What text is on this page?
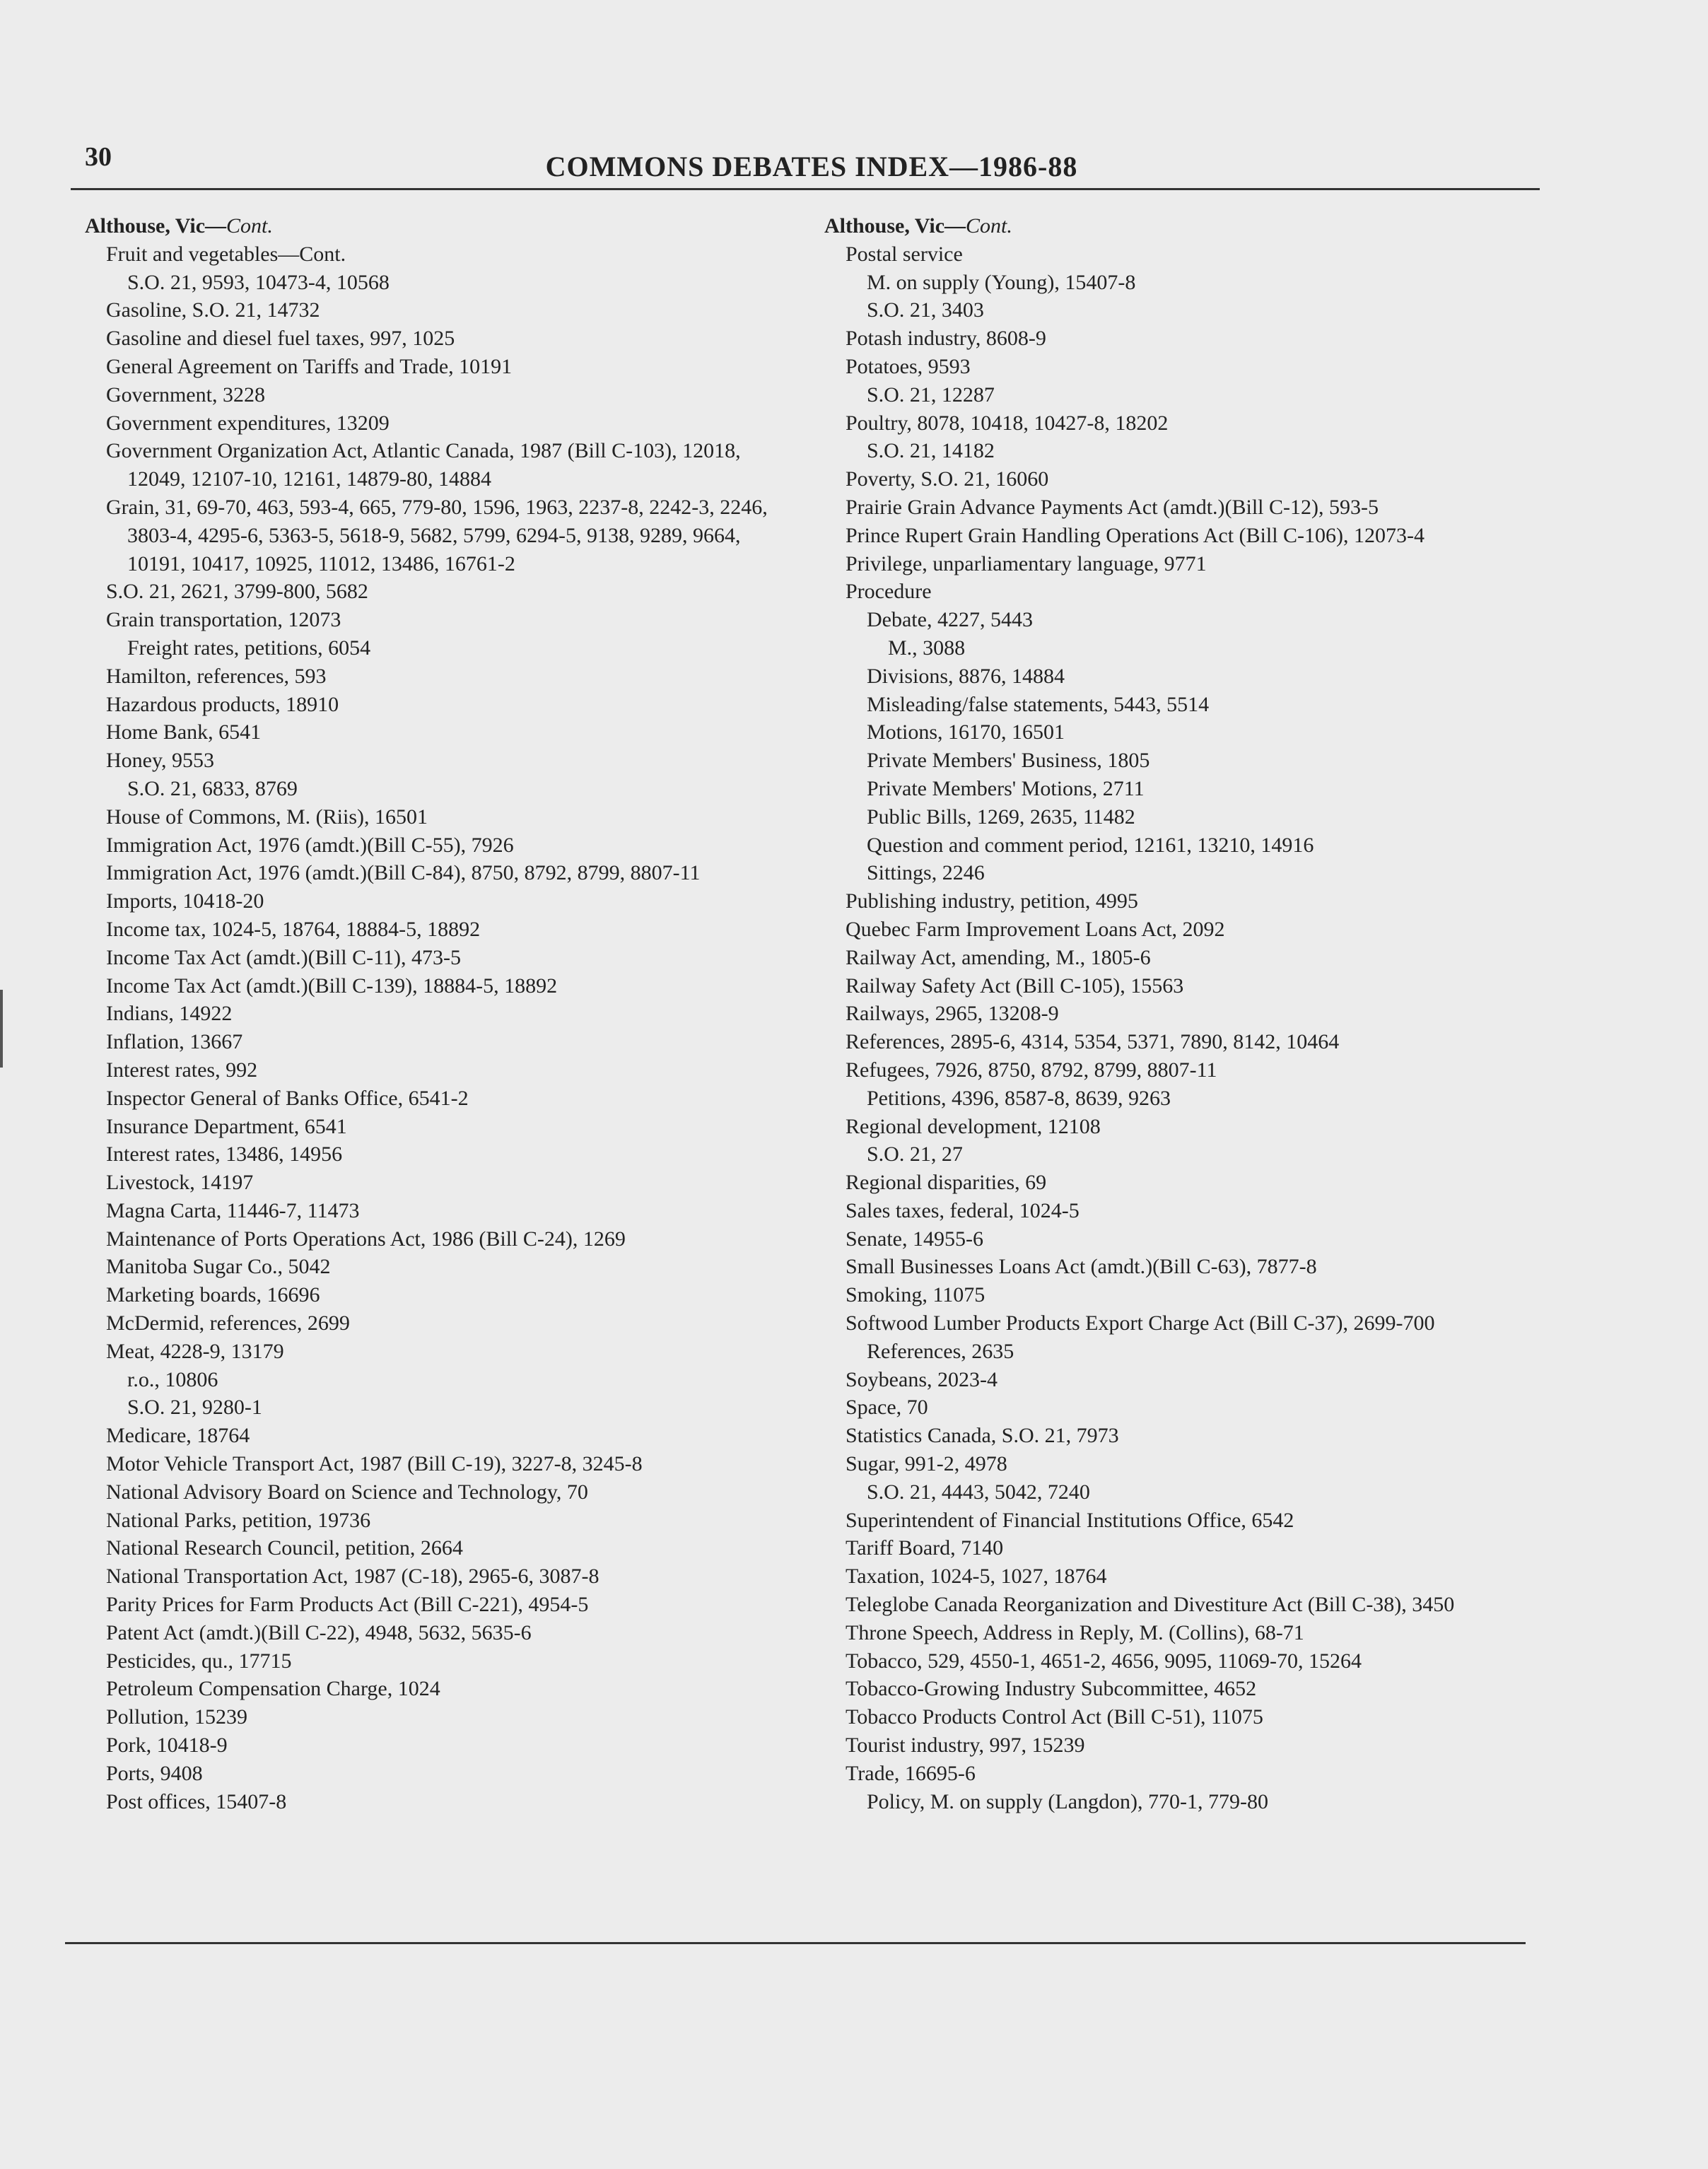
30	COMMONS DEBATES INDEX—1986-88
Althouse, Vic—Cont.
Fruit and vegetables—Cont.
S.O. 21, 9593, 10473-4, 10568
Gasoline, S.O. 21, 14732
Gasoline and diesel fuel taxes, 997, 1025
General Agreement on Tariffs and Trade, 10191
Government, 3228
Government expenditures, 13209
Government Organization Act, Atlantic Canada, 1987 (Bill C-103), 12018, 12049, 12107-10, 12161, 14879-80, 14884
Grain, 31, 69-70, 463, 593-4, 665, 779-80, 1596, 1963, 2237-8, 2242-3, 2246, 3803-4, 4295-6, 5363-5, 5618-9, 5682, 5799, 6294-5, 9138, 9289, 9664, 10191, 10417, 10925, 11012, 13486, 16761-2
S.O. 21, 2621, 3799-800, 5682
Grain transportation, 12073
Freight rates, petitions, 6054
Hamilton, references, 593
Hazardous products, 18910
Home Bank, 6541
Honey, 9553
S.O. 21, 6833, 8769
House of Commons, M. (Riis), 16501
Immigration Act, 1976 (amdt.)(Bill C-55), 7926
Immigration Act, 1976 (amdt.)(Bill C-84), 8750, 8792, 8799, 8807-11
Imports, 10418-20
Income tax, 1024-5, 18764, 18884-5, 18892
Income Tax Act (amdt.)(Bill C-11), 473-5
Income Tax Act (amdt.)(Bill C-139), 18884-5, 18892
Indians, 14922
Inflation, 13667
Interest rates, 992
Inspector General of Banks Office, 6541-2
Insurance Department, 6541
Interest rates, 13486, 14956
Livestock, 14197
Magna Carta, 11446-7, 11473
Maintenance of Ports Operations Act, 1986 (Bill C-24), 1269
Manitoba Sugar Co., 5042
Marketing boards, 16696
McDermid, references, 2699
Meat, 4228-9, 13179
r.o., 10806
S.O. 21, 9280-1
Medicare, 18764
Motor Vehicle Transport Act, 1987 (Bill C-19), 3227-8, 3245-8
National Advisory Board on Science and Technology, 70
National Parks, petition, 19736
National Research Council, petition, 2664
National Transportation Act, 1987 (C-18), 2965-6, 3087-8
Parity Prices for Farm Products Act (Bill C-221), 4954-5
Patent Act (amdt.)(Bill C-22), 4948, 5632, 5635-6
Pesticides, qu., 17715
Petroleum Compensation Charge, 1024
Pollution, 15239
Pork, 10418-9
Ports, 9408
Post offices, 15407-8
Althouse, Vic—Cont.
Postal service
M. on supply (Young), 15407-8
S.O. 21, 3403
Potash industry, 8608-9
Potatoes, 9593
S.O. 21, 12287
Poultry, 8078, 10418, 10427-8, 18202
S.O. 21, 14182
Poverty, S.O. 21, 16060
Prairie Grain Advance Payments Act (amdt.)(Bill C-12), 593-5
Prince Rupert Grain Handling Operations Act (Bill C-106), 12073-4
Privilege, unparliamentary language, 9771
Procedure
Debate, 4227, 5443
M., 3088
Divisions, 8876, 14884
Misleading/false statements, 5443, 5514
Motions, 16170, 16501
Private Members' Business, 1805
Private Members' Motions, 2711
Public Bills, 1269, 2635, 11482
Question and comment period, 12161, 13210, 14916
Sittings, 2246
Publishing industry, petition, 4995
Quebec Farm Improvement Loans Act, 2092
Railway Act, amending, M., 1805-6
Railway Safety Act (Bill C-105), 15563
Railways, 2965, 13208-9
References, 2895-6, 4314, 5354, 5371, 7890, 8142, 10464
Refugees, 7926, 8750, 8792, 8799, 8807-11
Petitions, 4396, 8587-8, 8639, 9263
Regional development, 12108
S.O. 21, 27
Regional disparities, 69
Sales taxes, federal, 1024-5
Senate, 14955-6
Small Businesses Loans Act (amdt.)(Bill C-63), 7877-8
Smoking, 11075
Softwood Lumber Products Export Charge Act (Bill C-37), 2699-700
References, 2635
Soybeans, 2023-4
Space, 70
Statistics Canada, S.O. 21, 7973
Sugar, 991-2, 4978
S.O. 21, 4443, 5042, 7240
Superintendent of Financial Institutions Office, 6542
Tariff Board, 7140
Taxation, 1024-5, 1027, 18764
Teleglobe Canada Reorganization and Divestiture Act (Bill C-38), 3450
Throne Speech, Address in Reply, M. (Collins), 68-71
Tobacco, 529, 4550-1, 4651-2, 4656, 9095, 11069-70, 15264
Tobacco-Growing Industry Subcommittee, 4652
Tobacco Products Control Act (Bill C-51), 11075
Tourist industry, 997, 15239
Trade, 16695-6
Policy, M. on supply (Langdon), 770-1, 779-80
